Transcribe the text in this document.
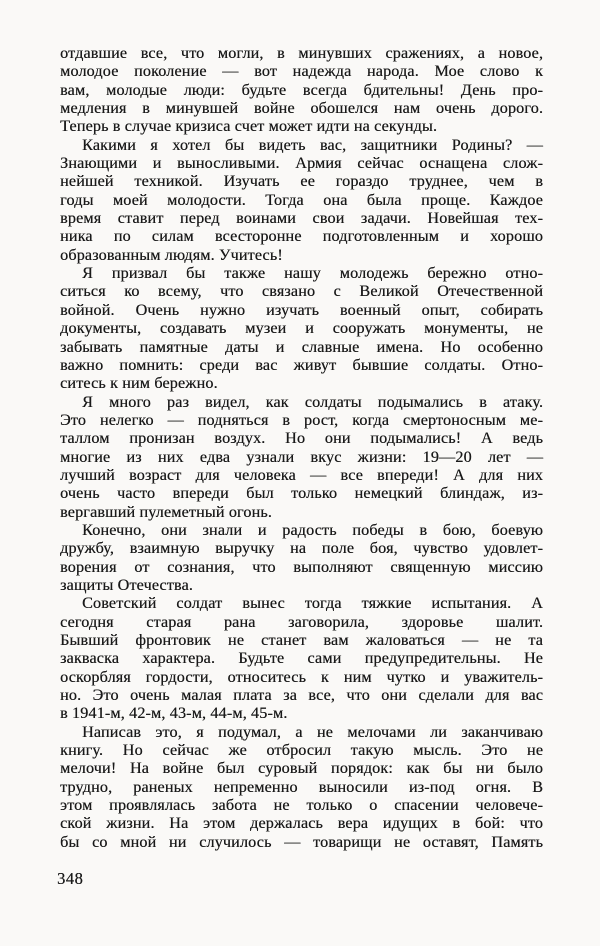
отдавшие все, что могли, в минувших сражениях, а новое,
молодое поколение — вот надежда народа. Мое слово к
вам, молодые люди: будьте всегда бдительны! День про-
медления в минувшей войне обошелся нам очень дорого.
Теперь в случае кризиса счет может идти на секунды.
Какими я хотел бы видеть вас, защитники Родины? —
Знающими и выносливыми. Армия сейчас оснащена слож-
нейшей техникой. Изучать ее гораздо труднее, чем в
годы моей молодости. Тогда она была проще. Каждое
время ставит перед воинами свои задачи. Новейшая тех-
ника по силам всесторонне подготовленным и хорошо
образованным людям. Учитесь!
Я призвал бы также нашу молодежь бережно отно-
ситься ко всему, что связано с Великой Отечественной
войной. Очень нужно изучать военный опыт, собирать
документы, создавать музеи и сооружать монументы, не
забывать памятные даты и славные имена. Но особенно
важно помнить: среди вас живут бывшие солдаты. Отно-
ситесь к ним бережно.
Я много раз видел, как солдаты подымались в атаку.
Это нелегко — подняться в рост, когда смертоносным ме-
таллом пронизан воздух. Но они подымались! А ведь
многие из них едва узнали вкус жизни: 19—20 лет —
лучший возраст для человека — все впереди! А для них
очень часто впереди был только немецкий блиндаж, из-
вергавший пулеметный огонь.
Конечно, они знали и радость победы в бою, боевую
дружбу, взаимную выручку на поле боя, чувство удовлет-
ворения от сознания, что выполняют священную миссию
защиты Отечества.
Советский солдат вынес тогда тяжкие испытания. А
сегодня старая рана заговорила, здоровье шалит.
Бывший фронтовик не станет вам жаловаться — не та
закваска характера. Будьте сами предупредительны. Не
оскорбляя гордости, относитесь к ним чутко и уважитель-
но. Это очень малая плата за все, что они сделали для вас
в 1941-м, 42-м, 43-м, 44-м, 45-м.
Написав это, я подумал, а не мелочами ли заканчиваю
книгу. Но сейчас же отбросил такую мысль. Это не
мелочи! На войне был суровый порядок: как бы ни было
трудно, раненых непременно выносили из-под огня. В
этом проявлялась забота не только о спасении человече-
ской жизни. На этом держалась вера идущих в бой: что
бы со мной ни случилось — товарищи не оставят, Память
348
